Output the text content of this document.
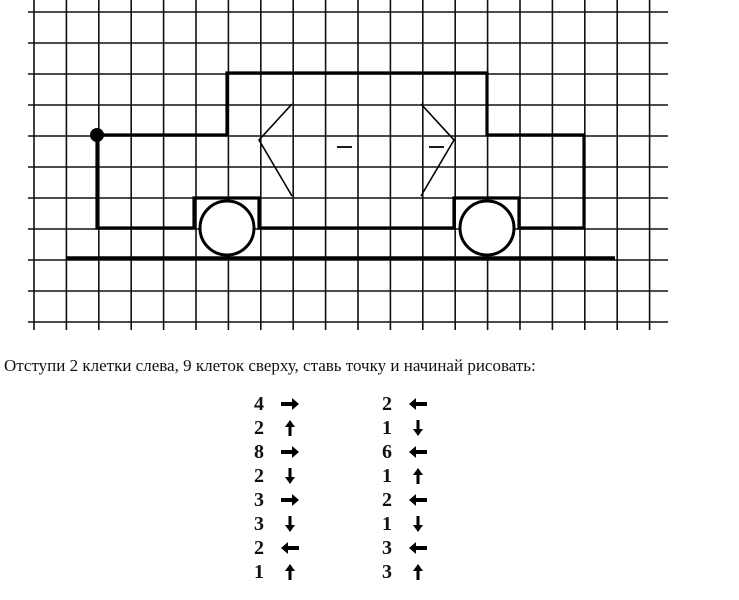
Отступи 2 клетки слева, 9 клеток сверху, ставь точку и начинай рисовать:
4
2
8
2
3
3
2
1
2
1
6
1
2
1
3
3
